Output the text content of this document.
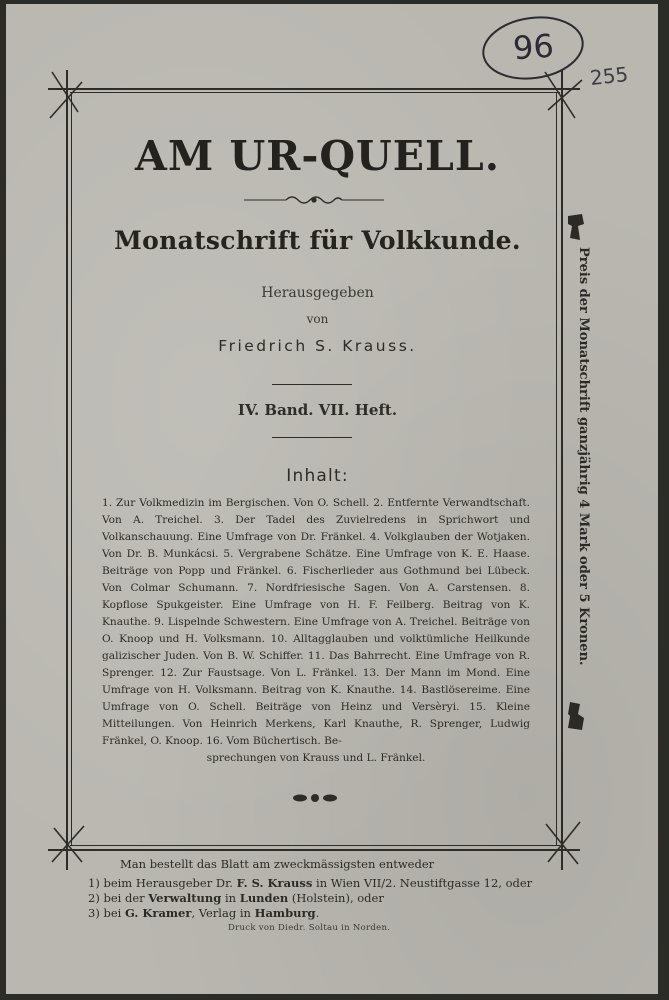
96
255
AM UR-QUELL.
Monatschrift für Volkkunde.
Herausgegeben
von
Friedrich S. Krauss.
IV. Band. VII. Heft.
Inhalt:
1. Zur Volkmedizin im Bergischen. Von O. Schell. 2. Entfernte Verwandtschaft. Von A. Treichel. 3. Der Tadel des Zuvielredens in Sprichwort und Volkanschauung. Eine Umfrage von Dr. Fränkel. 4. Volkglauben der Wotjaken. Von Dr. B. Munkácsi. 5. Vergrabene Schätze. Eine Umfrage von K. E. Haase. Beiträge von Popp und Fränkel. 6. Fischerlieder aus Gothmund bei Lübeck. Von Colmar Schumann. 7. Nordfriesische Sagen. Von A. Carstensen. 8. Kopflose Spukgeister. Eine Umfrage von H. F. Feilberg. Beitrag von K. Knauthe. 9. Lispelnde Schwestern. Eine Umfrage von A. Treichel. Beiträge von O. Knoop und H. Volksmann. 10. Alltagglauben und volktümliche Heilkunde galizischer Juden. Von B. W. Schiffer. 11. Das Bahrrecht. Eine Umfrage von R. Sprenger. 12. Zur Faustsage. Von L. Fränkel. 13. Der Mann im Mond. Eine Umfrage von H. Volksmann. Beitrag von K. Knauthe. 14. Bastlösereime. Eine Umfrage von O. Schell. Beiträge von Heinz und Versèryi. 15. Kleine Mitteilungen. Von Heinrich Merkens, Karl Knauthe, R. Sprenger, Ludwig Fränkel, O. Knoop. 16. Vom Büchertisch. Be-
sprechungen von Krauss und L. Fränkel.
Preis der Monatschrift ganzjährig 4 Mark oder 5 Kronen.
Man bestellt das Blatt am zweckmässigsten entweder
1) beim Herausgeber Dr. F. S. Krauss in Wien VII/2. Neustiftgasse 12, oder
2) bei der Verwaltung in Lunden (Holstein), oder
3) bei G. Kramer, Verlag in Hamburg.
Druck von Diedr. Soltau in Norden.
